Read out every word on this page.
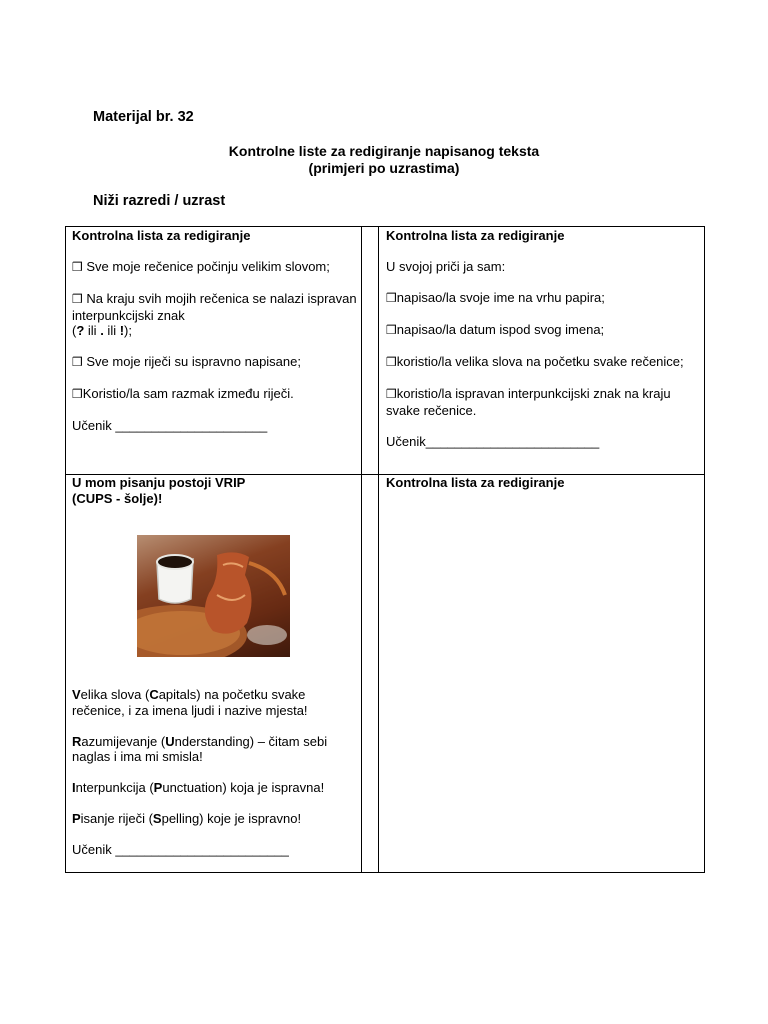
Materijal br. 32
Kontrolne liste za redigiranje napisanog teksta
(primjeri po uzrastima)
Niži razredi / uzrast
Kontrolna lista za redigiranje
❒ Sve moje rečenice počinju velikim slovom;
❒ Na kraju svih mojih rečenica se nalazi ispravan interpunkcijski znak
(? ili . ili !);
❒ Sve moje riječi su ispravno napisane;
❒Koristio/la sam razmak između riječi.
Učenik _____________________
Kontrolna lista za redigiranje
U svojoj priči ja sam:
❒napisao/la svoje ime na vrhu papira;
❒napisao/la datum ispod svog imena;
❒koristio/la velika slova na početku svake rečenice;
❒koristio/la ispravan interpunkcijski znak na kraju svake rečenice.
Učenik________________________
U mom pisanju postoji VRIP
(CUPS - šolje)!
Velika slova (Capitals) na početku svake rečenice, i za imena ljudi i nazive mjesta!
Razumijevanje (Understanding) – čitam sebi naglas i ima mi smisla!
Interpunkcija (Punctuation) koja je ispravna!
Pisanje riječi (Spelling) koje je ispravno!
Učenik ________________________
Kontrolna lista za redigiranje
